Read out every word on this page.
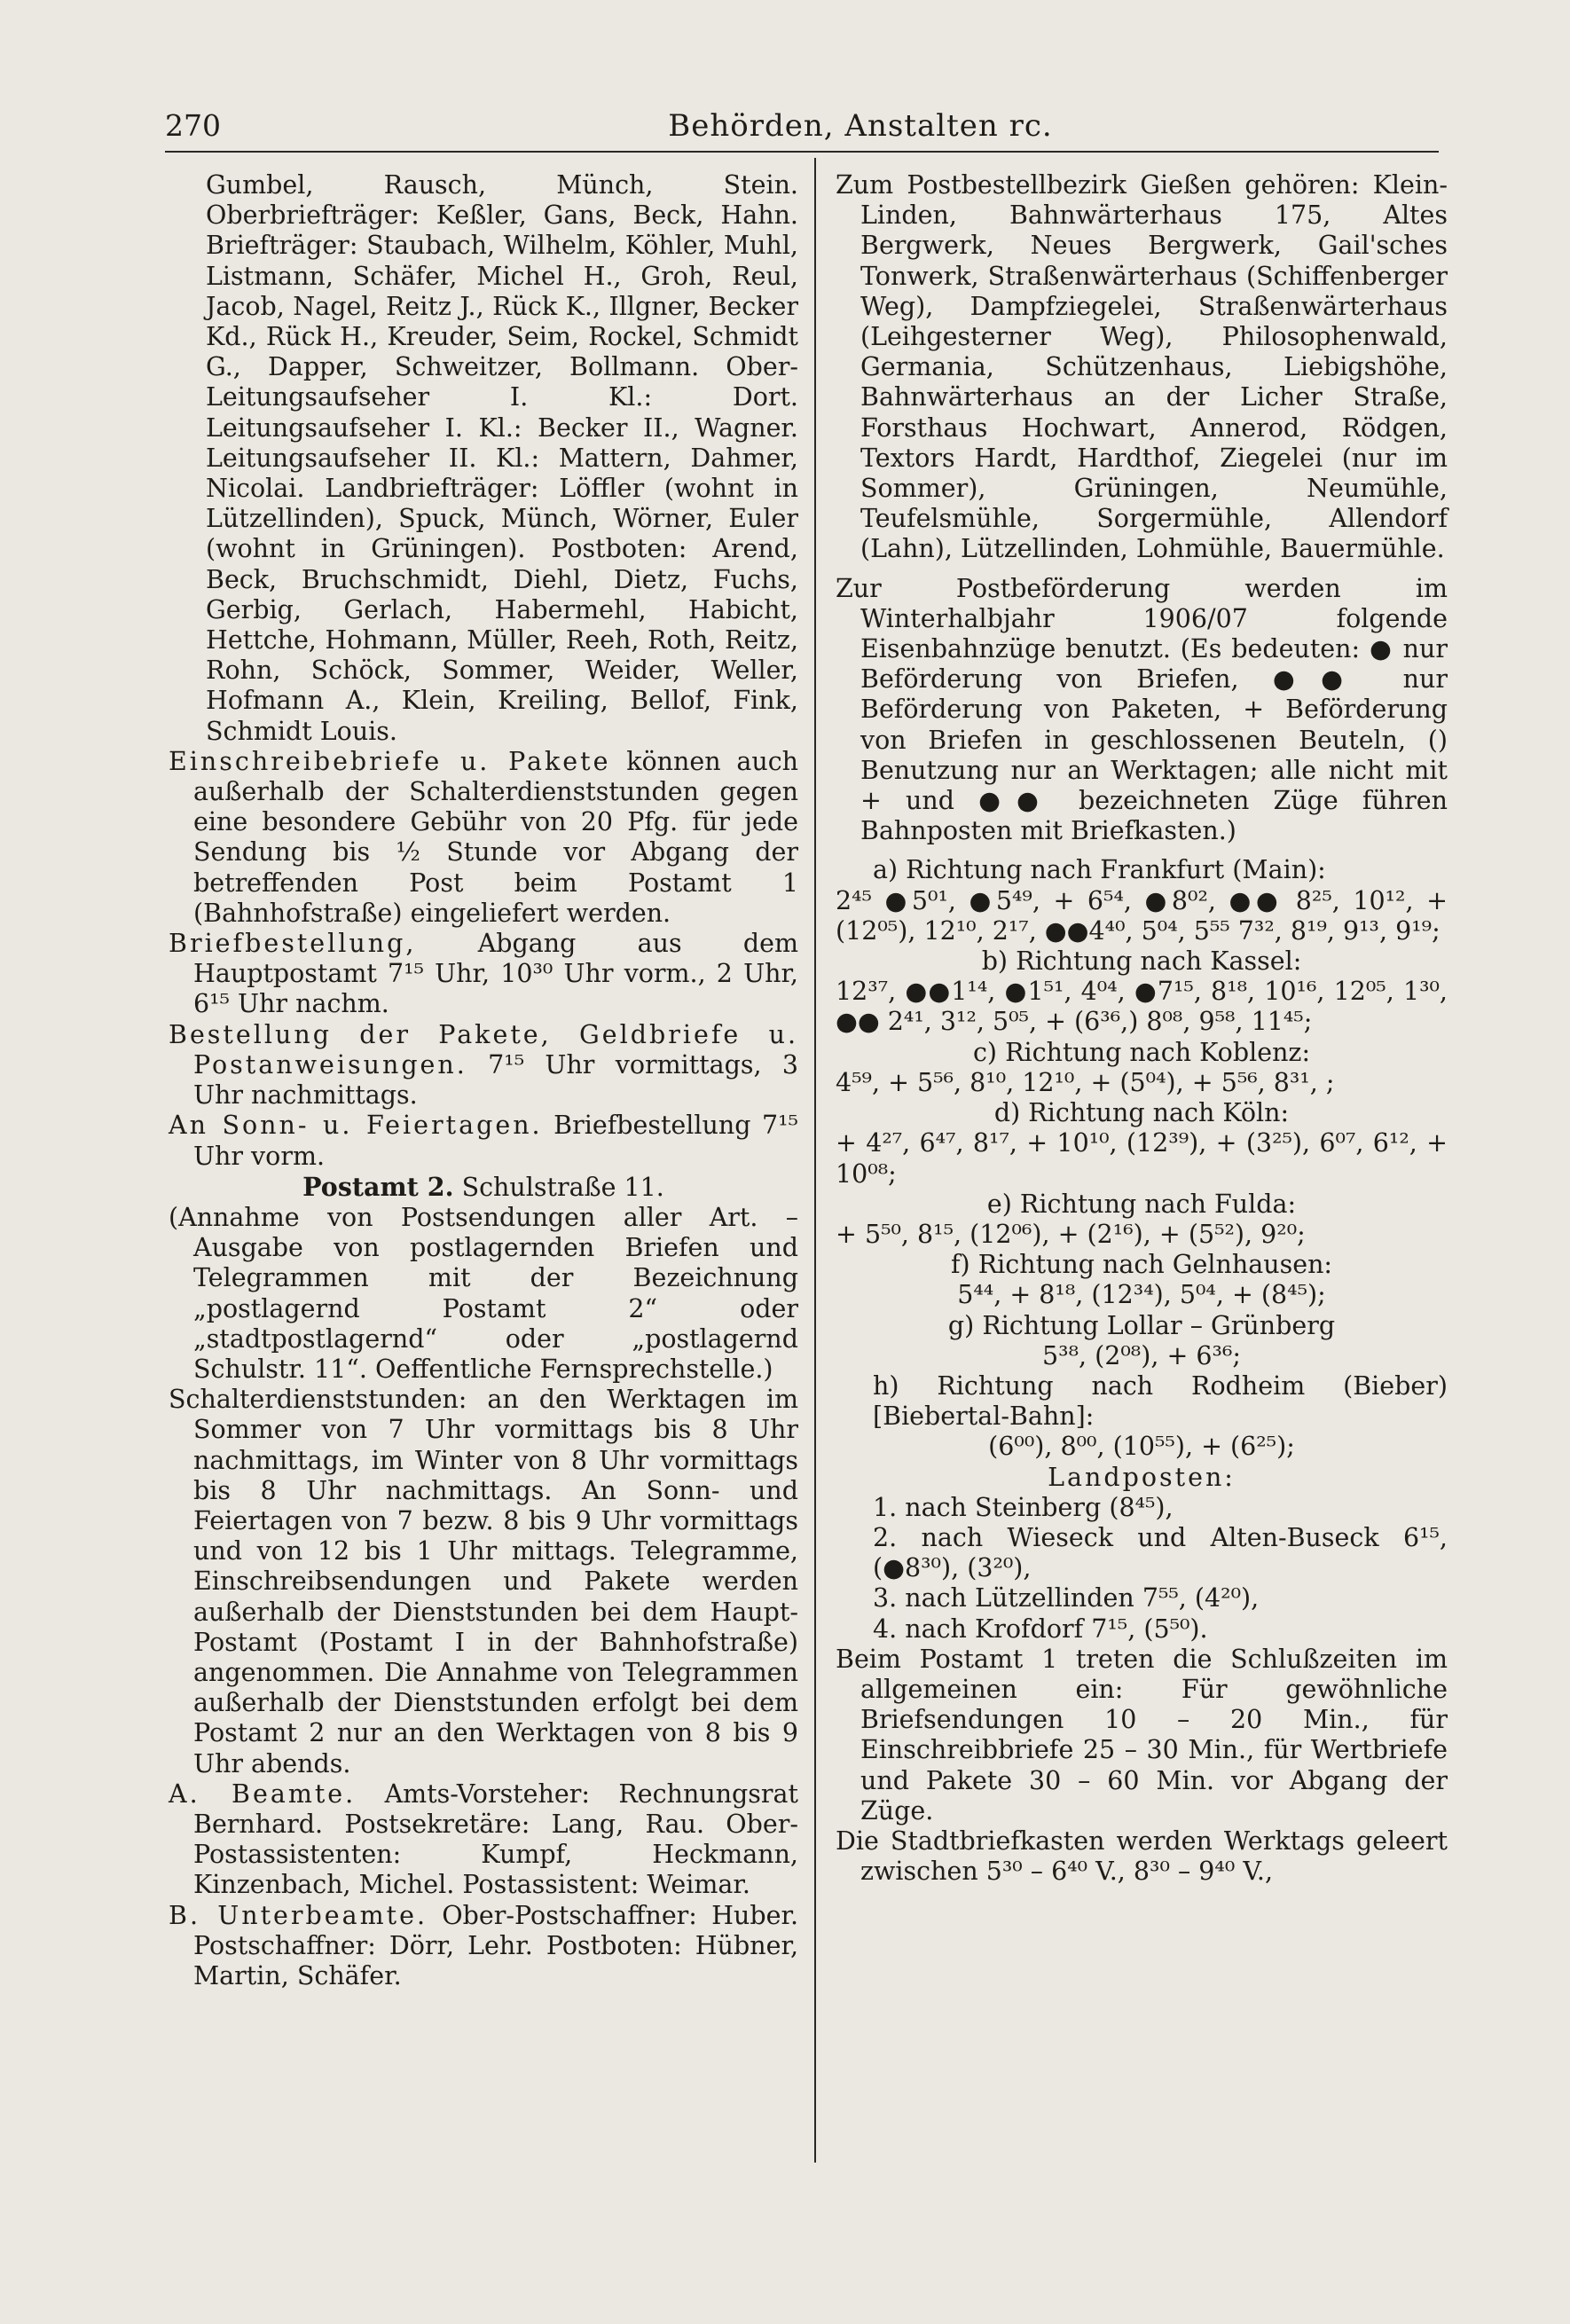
270	Behörden, Anstalten rc.

Gumbel, Rausch, Münch, Stein. Oberbriefträger: Keßler, Gans, Beck, Hahn. Briefträger: Staubach, Wilhelm, Köhler, Muhl, Listmann, Schäfer, Michel H., Groh, Reul, Jacob, Nagel, Reitz J., Rück K., Illgner, Becker Kd., Rück H., Kreuder, Seim, Rockel, Schmidt G., Dapper, Schweitzer, Bollmann. Ober-Leitungsaufseher I. Kl.: Dort. Leitungsaufseher I. Kl.: Becker II., Wagner. Leitungsaufseher II. Kl.: Mattern, Dahmer, Nicolai. Landbriefträger: Löffler (wohnt in Lützellinden), Spuck, Münch, Wörner, Euler (wohnt in Grüningen). Postboten: Arend, Beck, Bruchschmidt, Diehl, Dietz, Fuchs, Gerbig, Gerlach, Habermehl, Habicht, Hettche, Hohmann, Müller, Reeh, Roth, Reitz, Rohn, Schöck, Sommer, Weider, Weller, Hofmann A., Klein, Kreiling, Bellof, Fink, Schmidt Louis.

Einschreibebriefe u. Pakete können auch außerhalb der Schalterdienststunden gegen eine besondere Gebühr von 20 Pfg. für jede Sendung bis ½ Stunde vor Abgang der betreffenden Post beim Postamt 1 (Bahnhofstraße) eingeliefert werden.

Briefbestellung, Abgang aus dem Hauptpostamt 7¹⁵ Uhr, 10³⁰ Uhr vorm., 2 Uhr, 6¹⁵ Uhr nachm.

Bestellung der Pakete, Geldbriefe u. Postanweisungen. 7¹⁵ Uhr vormittags, 3 Uhr nachmittags.

An Sonn- u. Feiertagen. Briefbestellung 7¹⁵ Uhr vorm.

Postamt 2. Schulstraße 11.

(Annahme von Postsendungen aller Art. – Ausgabe von postlagernden Briefen und Telegrammen mit der Bezeichnung „postlagernd Postamt 2“ oder „stadtpostlagernd“ oder „postlagernd Schulstr. 11“. Oeffentliche Fernsprechstelle.)

Schalterdienststunden: an den Werktagen im Sommer von 7 Uhr vormittags bis 8 Uhr nachmittags, im Winter von 8 Uhr vormittags bis 8 Uhr nachmittags. An Sonn- und Feiertagen von 7 bezw. 8 bis 9 Uhr vormittags und von 12 bis 1 Uhr mittags. Telegramme, Einschreibsendungen und Pakete werden außerhalb der Dienststunden bei dem Haupt-Postamt (Postamt I in der Bahnhofstraße) angenommen. Die Annahme von Telegrammen außerhalb der Dienststunden erfolgt bei dem Postamt 2 nur an den Werktagen von 8 bis 9 Uhr abends.

A. Beamte. Amts-Vorsteher: Rechnungsrat Bernhard. Postsekretäre: Lang, Rau. Ober-Postassistenten: Kumpf, Heckmann, Kinzenbach, Michel. Postassistent: Weimar.

B. Unterbeamte. Ober-Postschaffner: Huber. Postschaffner: Dörr, Lehr. Postboten: Hübner, Martin, Schäfer.

Zum Postbestellbezirk Gießen gehören: Klein-Linden, Bahnwärterhaus 175, Altes Bergwerk, Neues Bergwerk, Gail'sches Tonwerk, Straßenwärterhaus (Schiffenberger Weg), Dampfziegelei, Straßenwärterhaus (Leihgesterner Weg), Philosophenwald, Germania, Schützenhaus, Liebigshöhe, Bahnwärterhaus an der Licher Straße, Forsthaus Hochwart, Annerod, Rödgen, Textors Hardt, Hardthof, Ziegelei (nur im Sommer), Grüningen, Neumühle, Teufelsmühle, Sorgermühle, Allendorf (Lahn), Lützellinden, Lohmühle, Bauermühle.

Zur Postbeförderung werden im Winterhalbjahr 1906/07 folgende Eisenbahnzüge benutzt. (Es bedeuten: ● nur Beförderung von Briefen, ●● nur Beförderung von Paketen, + Beförderung von Briefen in geschlossenen Beuteln, () Benutzung nur an Werktagen; alle nicht mit + und ●● bezeichneten Züge führen Bahnposten mit Briefkasten.)

a) Richtung nach Frankfurt (Main):

2⁴⁵ ●5⁰¹, ●5⁴⁹, + 6⁵⁴, ●8⁰², ●● 8²⁵, 10¹², + (12⁰⁵), 12¹⁰, 2¹⁷, ●●4⁴⁰, 5⁰⁴, 5⁵⁵ 7³², 8¹⁹, 9¹³, 9¹⁹;

b) Richtung nach Kassel:

12³⁷, ●●1¹⁴, ●1⁵¹, 4⁰⁴, ●7¹⁵, 8¹⁸, 10¹⁶, 12⁰⁵, 1³⁰, ●● 2⁴¹, 3¹², 5⁰⁵, + (6³⁶,) 8⁰⁸, 9⁵⁸, 11⁴⁵;

c) Richtung nach Koblenz:

4⁵⁹, + 5⁵⁶, 8¹⁰, 12¹⁰, + (5⁰⁴), + 5⁵⁶, 8³¹, ;

d) Richtung nach Köln:

+ 4²⁷, 6⁴⁷, 8¹⁷, + 10¹⁰, (12³⁹), + (3²⁵), 6⁰⁷, 6¹², + 10⁰⁸;

e) Richtung nach Fulda:

+ 5⁵⁰, 8¹⁵, (12⁰⁶), + (2¹⁶), + (5⁵²), 9²⁰;

f) Richtung nach Gelnhausen:

5⁴⁴, + 8¹⁸, (12³⁴), 5⁰⁴, + (8⁴⁵);

g) Richtung Lollar – Grünberg

5³⁸, (2⁰⁸), + 6³⁶;

h) Richtung nach Rodheim (Bieber) [Biebertal-Bahn]:

(6⁰⁰), 8⁰⁰, (10⁵⁵), + (6²⁵);

Landposten:

1. nach Steinberg (8⁴⁵),

2. nach Wieseck und Alten-Buseck 6¹⁵, (●8³⁰), (3²⁰),

3. nach Lützellinden 7⁵⁵, (4²⁰),

4. nach Krofdorf 7¹⁵, (5⁵⁰).

Beim Postamt 1 treten die Schlußzeiten im allgemeinen ein: Für gewöhnliche Briefsendungen 10 – 20 Min., für Einschreibbriefe 25 – 30 Min., für Wertbriefe und Pakete 30 – 60 Min. vor Abgang der Züge.

Die Stadtbriefkasten werden Werktags geleert zwischen 5³⁰ – 6⁴⁰ V., 8³⁰ – 9⁴⁰ V.,
